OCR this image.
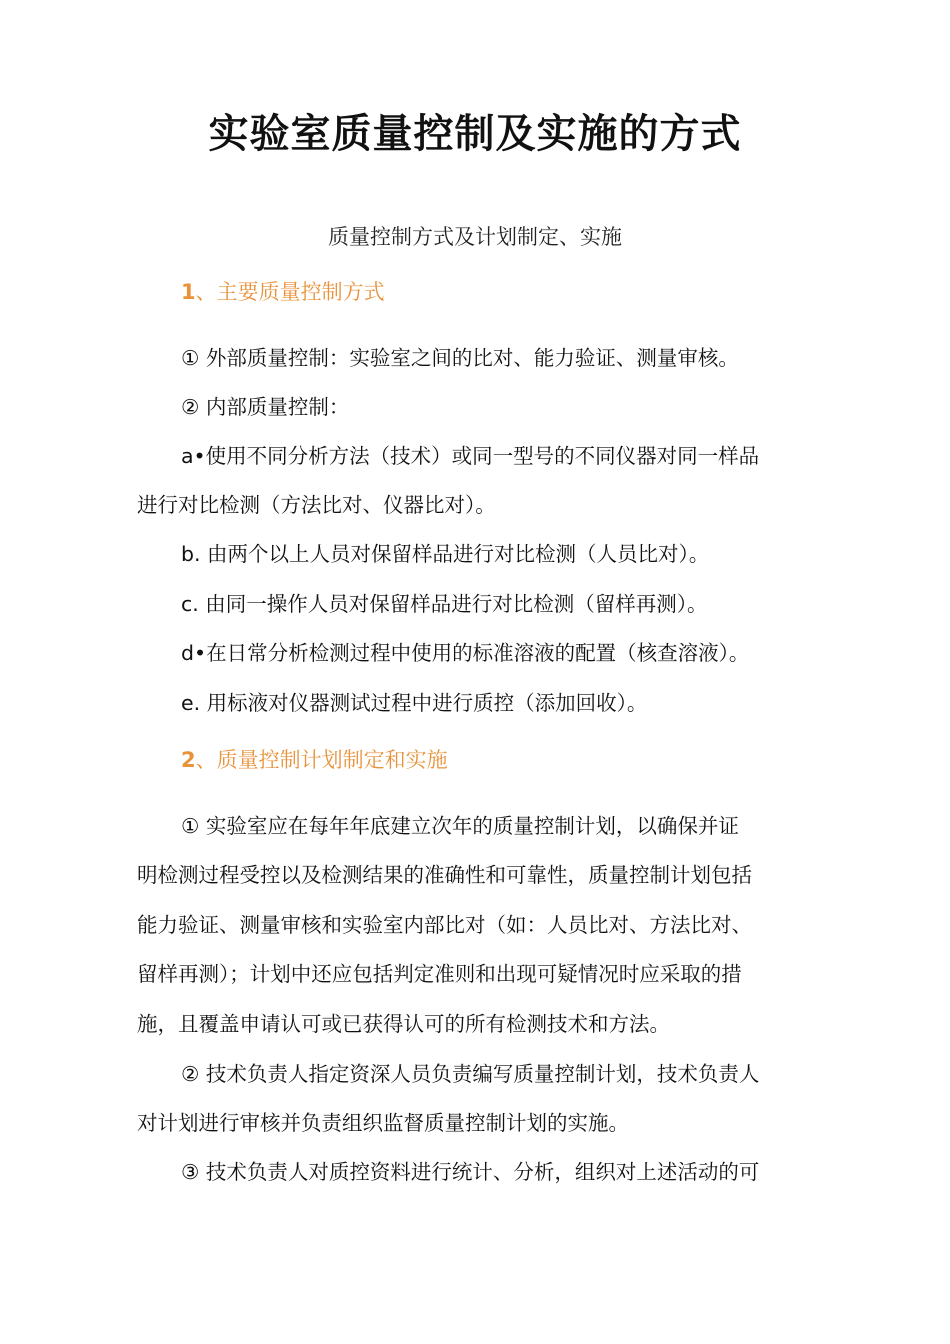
实验室质量控制及实施的方式
质量控制方式及计划制定、实施
1、主要质量控制方式
① 外部质量控制：实验室之间的比对、能力验证、测量审核。
② 内部质量控制：
a•使用不同分析方法（技术）或同一型号的不同仪器对同一样品
进行对比检测（方法比对、仪器比对）。
b. 由两个以上人员对保留样品进行对比检测（人员比对）。
c. 由同一操作人员对保留样品进行对比检测（留样再测）。
d•在日常分析检测过程中使用的标准溶液的配置（核查溶液）。
e. 用标液对仪器测试过程中进行质控（添加回收）。
2、质量控制计划制定和实施
① 实验室应在每年年底建立次年的质量控制计划，以确保并证
明检测过程受控以及检测结果的准确性和可靠性，质量控制计划包括
能力验证、测量审核和实验室内部比对（如：人员比对、方法比对、
留样再测）；计划中还应包括判定准则和出现可疑情况时应采取的措
施，且覆盖申请认可或已获得认可的所有检测技术和方法。
② 技术负责人指定资深人员负责编写质量控制计划，技术负责人
对计划进行审核并负责组织监督质量控制计划的实施。
③ 技术负责人对质控资料进行统计、分析，组织对上述活动的可
